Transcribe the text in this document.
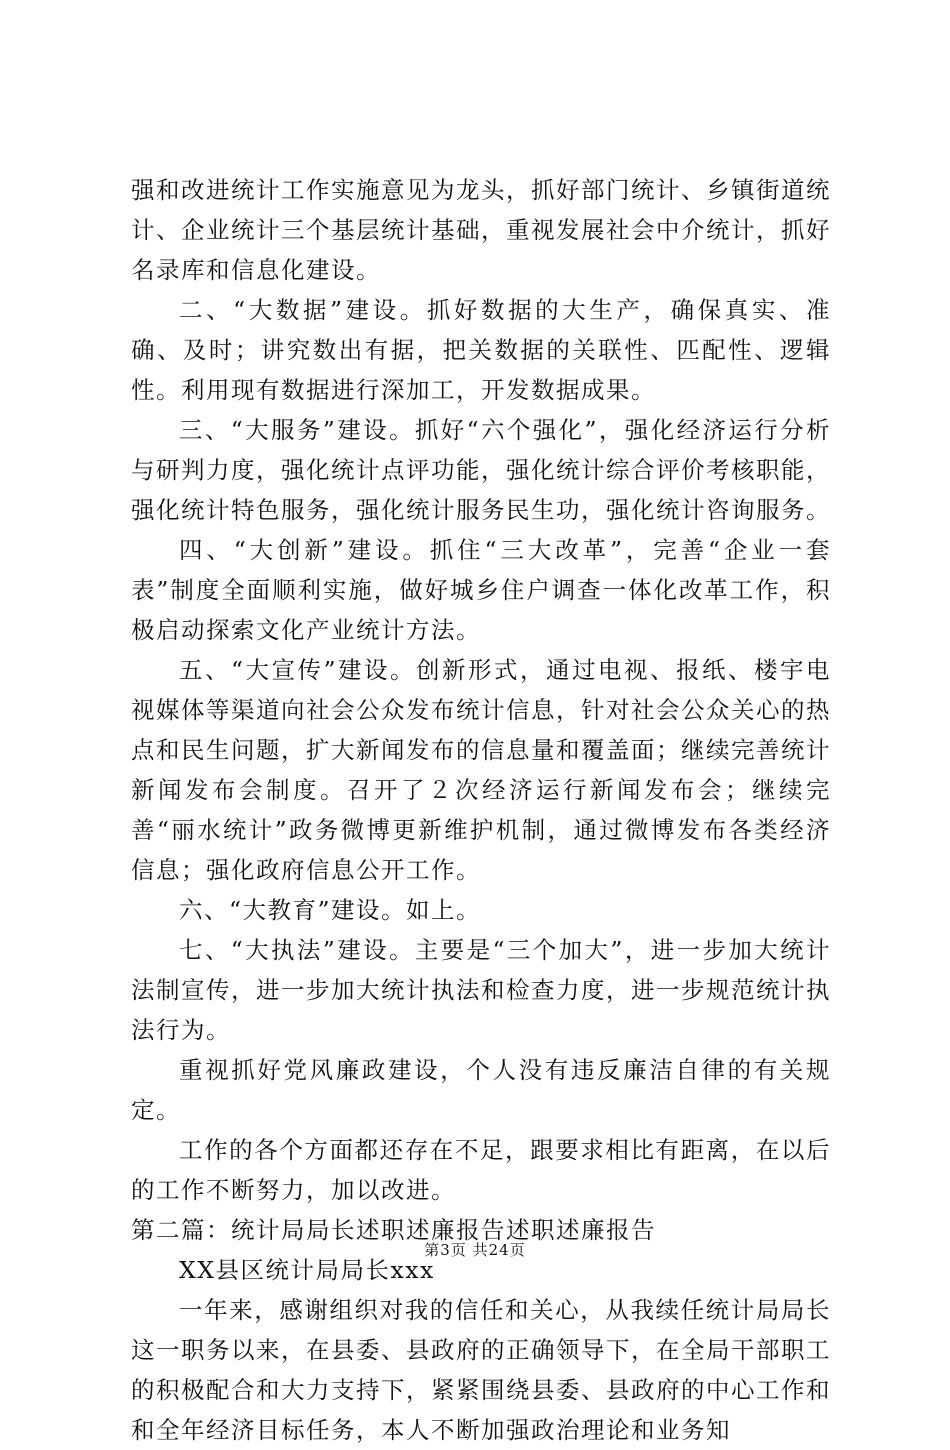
强和改进统计工作实施意见为龙头，抓好部门统计、乡镇街道统计、企业统计三个基层统计基础，重视发展社会中介统计，抓好名录库和信息化建设。

二、“大数据”建设。抓好数据的大生产，确保真实、准确、及时；讲究数出有据，把关数据的关联性、匹配性、逻辑性。利用现有数据进行深加工，开发数据成果。

三、“大服务”建设。抓好“六个强化”，强化经济运行分析与研判力度，强化统计点评功能，强化统计综合评价考核职能，强化统计特色服务，强化统计服务民生功，强化统计咨询服务。

四、“大创新”建设。抓住“三大改革”，完善“企业一套表”制度全面顺利实施，做好城乡住户调查一体化改革工作，积极启动探索文化产业统计方法。

五、“大宣传”建设。创新形式，通过电视、报纸、楼宇电视媒体等渠道向社会公众发布统计信息，针对社会公众关心的热点和民生问题，扩大新闻发布的信息量和覆盖面；继续完善统计新闻发布会制度。召开了２次经济运行新闻发布会；继续完善“丽水统计”政务微博更新维护机制，通过微博发布各类经济信息；强化政府信息公开工作。

六、“大教育”建设。如上。

七、“大执法”建设。主要是“三个加大”，进一步加大统计法制宣传，进一步加大统计执法和检查力度，进一步规范统计执法行为。

重视抓好党风廉政建设，个人没有违反廉洁自律的有关规定。

工作的各个方面都还存在不足，跟要求相比有距离，在以后的工作不断努力，加以改进。

第二篇：统计局局长述职述廉报告述职述廉报告

XX县区统计局局长xxx

一年来，感谢组织对我的信任和关心，从我续任统计局局长这一职务以来，在县委、县政府的正确领导下，在全局干部职工的积极配合和大力支持下，紧紧围绕县委、县政府的中心工作和和全年经济目标任务，本人不断加强政治理论和业务知

第3页 共24页
